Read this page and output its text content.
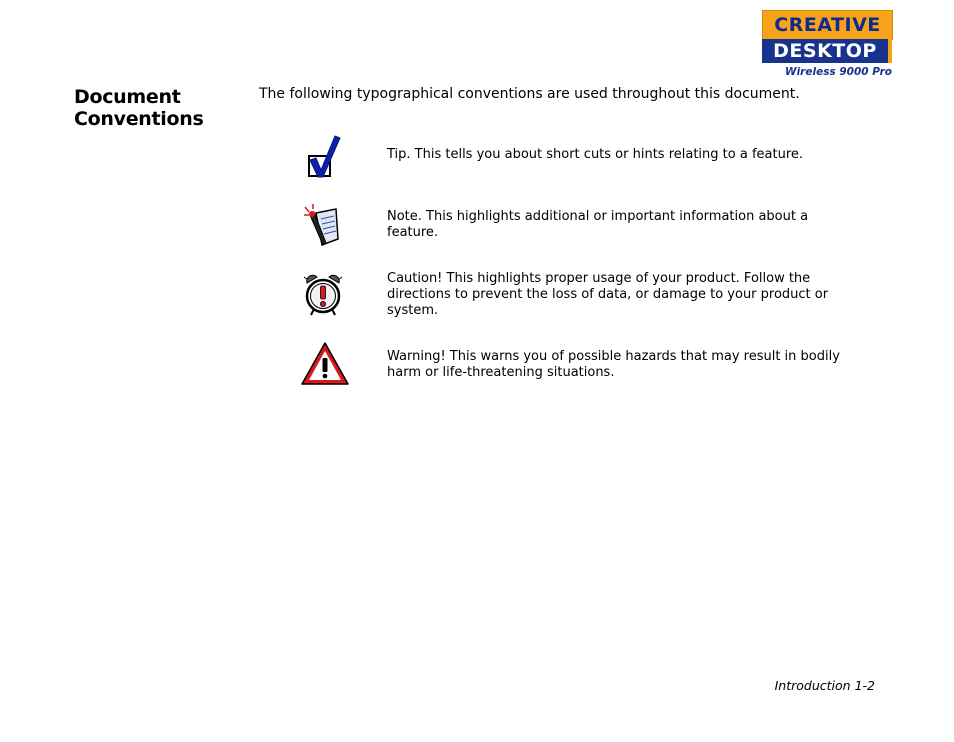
CREATIVE
DESKTOP
Wireless 9000 Pro
Document Conventions
The following typographical conventions are used throughout this document.
Tip. This tells you about short cuts or hints relating to a feature.
Note. This highlights additional or important information about a feature.
Caution! This highlights proper usage of your product. Follow the directions to prevent the loss of data, or damage to your product or system.
Warning! This warns you of possible hazards that may result in bodily harm or life-threatening situations.
Introduction 1-2
